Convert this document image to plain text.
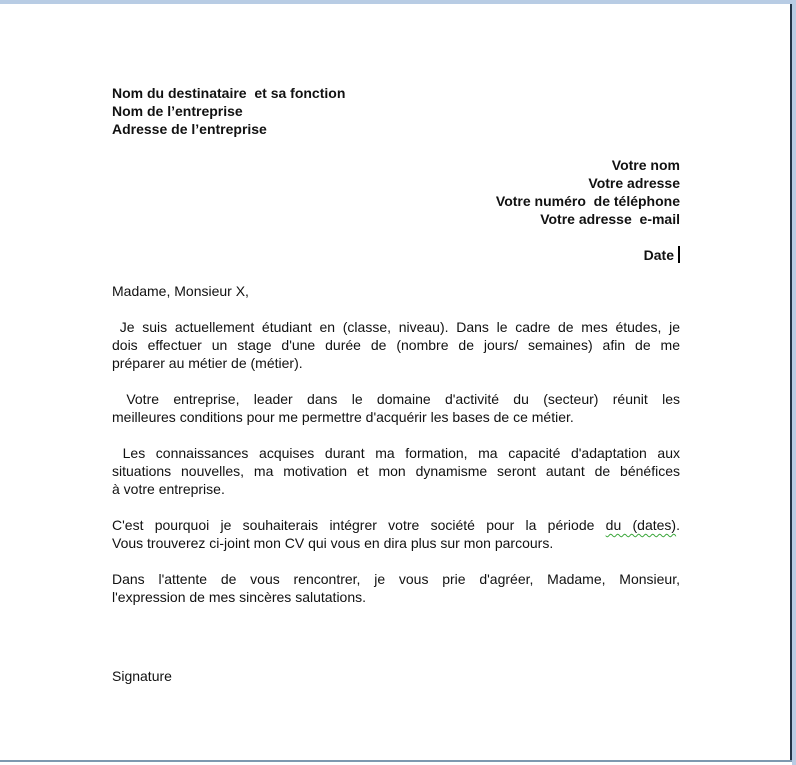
Nom du destinataire  et sa fonction
Nom de l’entreprise
Adresse de l’entreprise
Votre nom
Votre adresse
Votre numéro  de téléphone
Votre adresse  e-mail
Date
Madame, Monsieur X,
Je suis actuellement étudiant en (classe, niveau). Dans le cadre de mes études, je
dois effectuer un stage d'une durée de (nombre de jours/ semaines) afin de me
préparer au métier de (métier).
Votre entreprise, leader dans le domaine d'activité du (secteur) réunit les
meilleures conditions pour me permettre d'acquérir les bases de ce métier.
Les connaissances acquises durant ma formation, ma capacité d'adaptation aux
situations nouvelles, ma motivation et mon dynamisme seront autant de bénéfices
à votre entreprise.
C'est pourquoi je souhaiterais intégrer votre société pour la période du (dates).
Vous trouverez ci-joint mon CV qui vous en dira plus sur mon parcours.
Dans l'attente de vous rencontrer, je vous prie d'agréer, Madame, Monsieur,
l'expression de mes sincères salutations.
Signature
